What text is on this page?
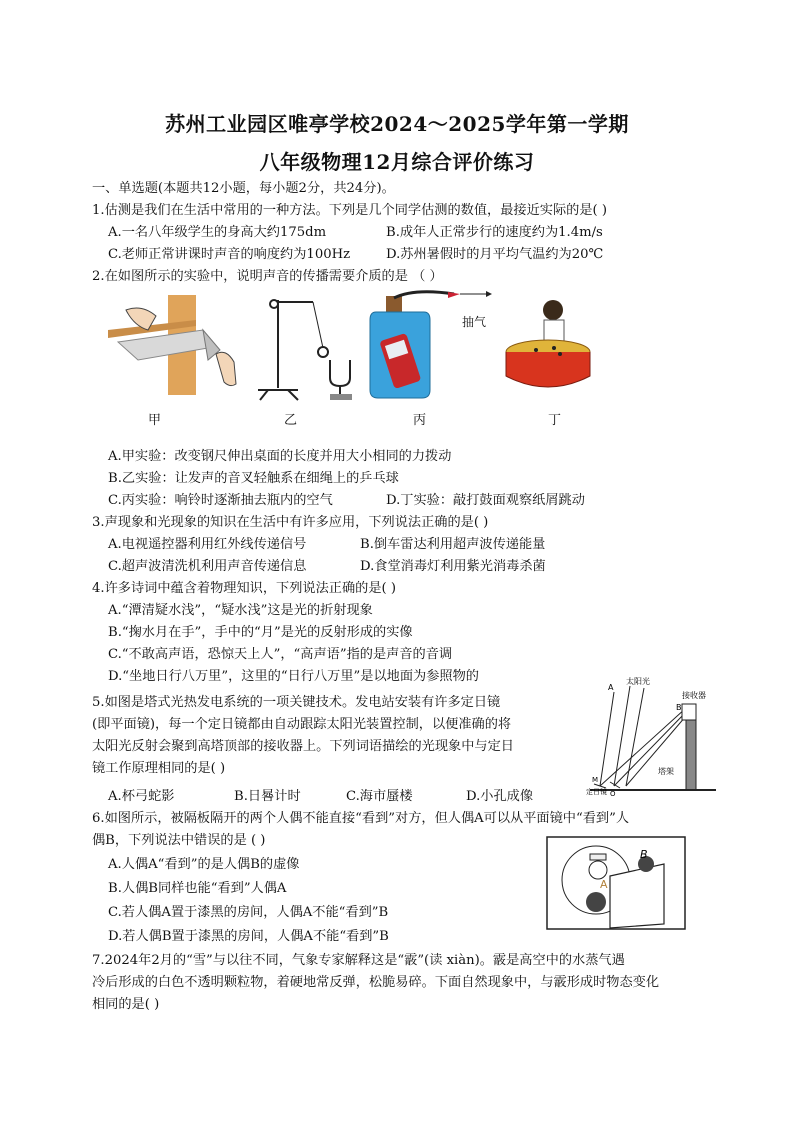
苏州工业园区唯亭学校2024～2025学年第一学期
八年级物理12月综合评价练习
一、单选题(本题共12小题，每小题2分，共24分)。
1.估测是我们在生活中常用的一种方法。下列是几个同学估测的数值，最接近实际的是( )
A.一名八年级学生的身高大约175dm	B.成年人正常步行的速度约为1.4m/s
C.老师正常讲课时声音的响度约为100Hz	D.苏州暑假时的月平均气温约为20℃
2.在如图所示的实验中，说明声音的传播需要介质的是 （ ）
甲	乙	丙	丁
抽气
A.甲实验：改变钢尺伸出桌面的长度并用大小相同的力拨动
B.乙实验：让发声的音叉轻触系在细绳上的乒乓球
C.丙实验：响铃时逐渐抽去瓶内的空气	D.丁实验：敲打鼓面观察纸屑跳动
3.声现象和光现象的知识在生活中有许多应用，下列说法正确的是( )
A.电视遥控器利用红外线传递信号	B.倒车雷达利用超声波传递能量
C.超声波清洗机利用声音传递信息	D.食堂消毒灯利用紫光消毒杀菌
4.许多诗词中蕴含着物理知识，下列说法正确的是( )
A.“潭清疑水浅”，“疑水浅”这是光的折射现象
B.“掬水月在手”，手中的“月”是光的反射形成的实像
C.“不敢高声语，恐惊天上人”，“高声语”指的是声音的音调
D.“坐地日行八万里”，这里的“日行八万里”是以地面为参照物的
5.如图是塔式光热发电系统的一项关键技术。发电站安装有许多定日镜
(即平面镜)，每一个定日镜都由自动跟踪太阳光装置控制，以便准确的将
太阳光反射会聚到高塔顶部的接收器上。下列词语描绘的光现象中与定日
镜工作原理相同的是( )
A.杯弓蛇影	B.日晷计时	C.海市蜃楼	D.小孔成像
A
太阳光
接收器
B
M
定日镜 O
塔架
6.如图所示，被隔板隔开的两个人偶不能直接“看到”对方，但人偶A可以从平面镜中“看到”人
偶B，下列说法中错误的是 ( )
A.人偶A“看到”的是人偶B的虚像
B.人偶B同样也能“看到”人偶A
C.若人偶A置于漆黑的房间，人偶A不能“看到”B
D.若人偶B置于漆黑的房间，人偶A不能“看到”B
A
B
7.2024年2月的“雪”与以往不同，气象专家解释这是“霰”(读 xiàn)。霰是高空中的水蒸气遇
冷后形成的白色不透明颗粒物，着硬地常反弹，松脆易碎。下面自然现象中，与霰形成时物态变化
相同的是( )
